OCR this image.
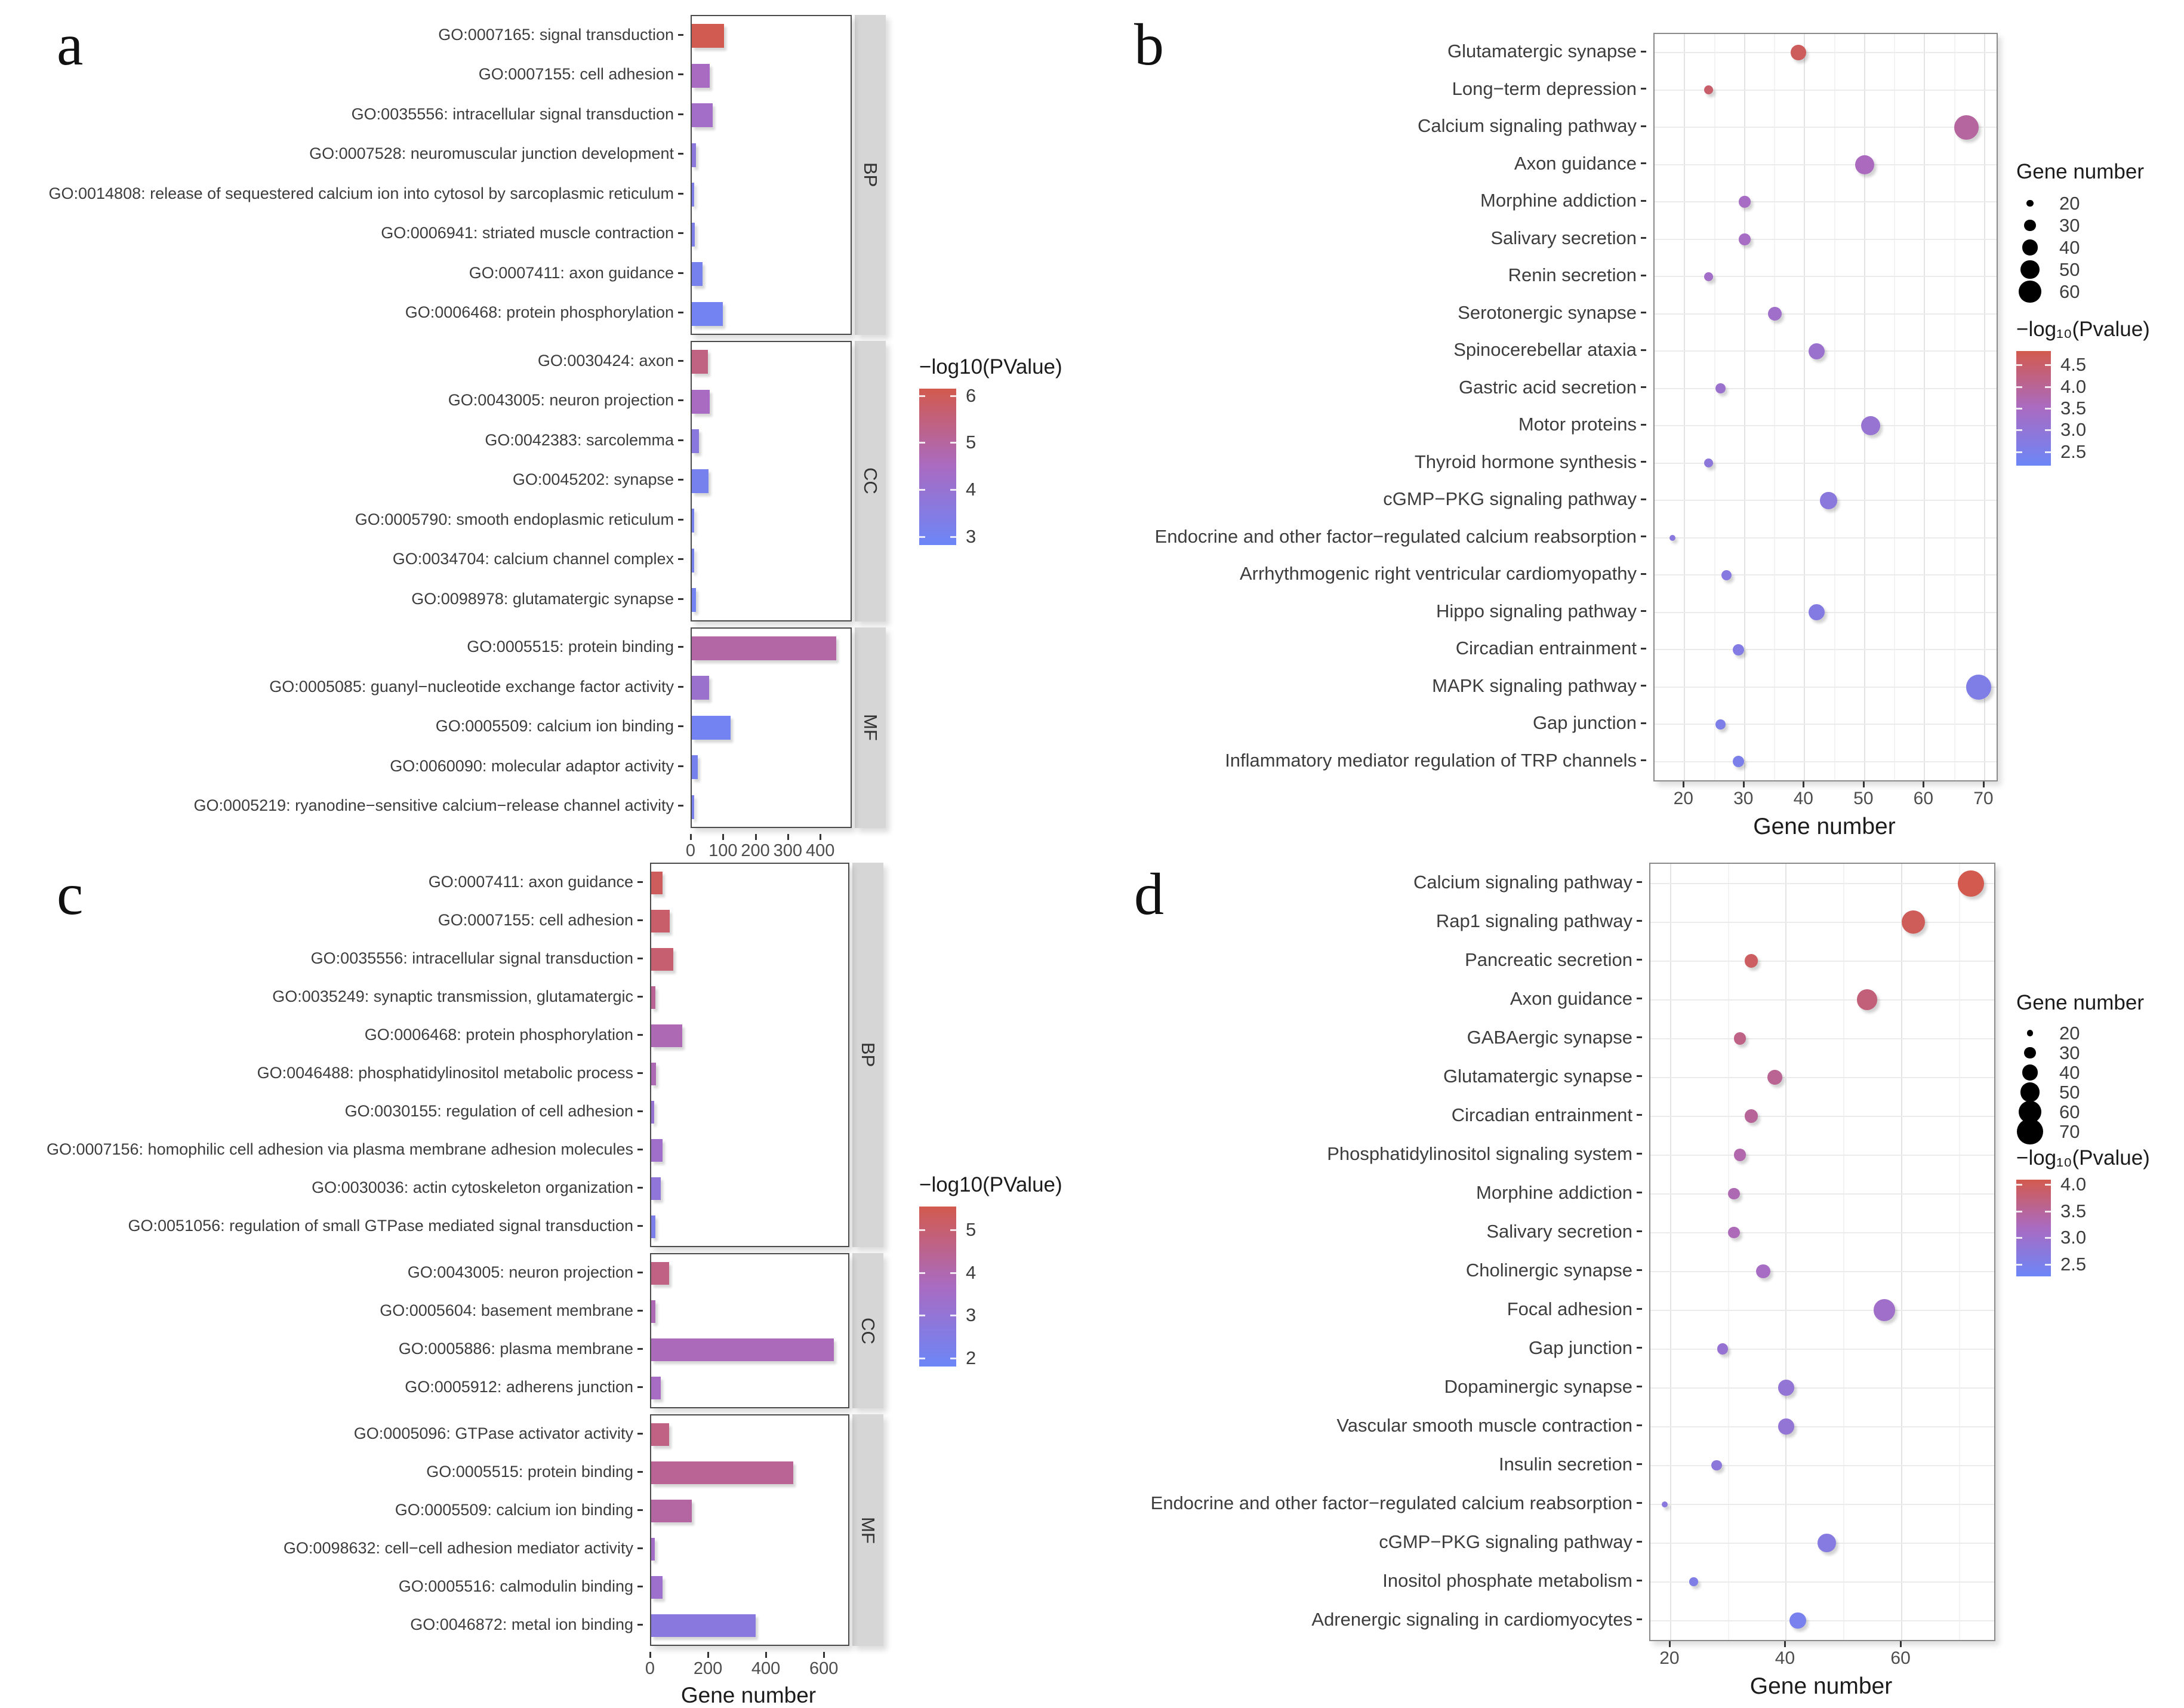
a	b
c	d
GO:0007165: signal transduction
GO:0007155: cell adhesion
GO:0035556: intracellular signal transduction
GO:0007528: neuromuscular junction development
GO:0014808: release of sequestered calcium ion into cytosol by sarcoplasmic reticulum
GO:0006941: striated muscle contraction
GO:0007411: axon guidance
GO:0006468: protein phosphorylation
BP
GO:0030424: axon
GO:0043005: neuron projection
GO:0042383: sarcolemma
GO:0045202: synapse
GO:0005790: smooth endoplasmic reticulum
GO:0034704: calcium channel complex
GO:0098978: glutamatergic synapse
CC
GO:0005515: protein binding
GO:0005085: guanyl−nucleotide exchange factor activity
GO:0005509: calcium ion binding
GO:0060090: molecular adaptor activity
GO:0005219: ryanodine−sensitive calcium−release channel activity
MF
0 100 200 300 400
Glutamatergic synapse
Long−term depression
Calcium signaling pathway
Axon guidance
Morphine addiction
Salivary secretion
Renin secretion
Serotonergic synapse
Spinocerebellar ataxia
Gastric acid secretion
Motor proteins
Thyroid hormone synthesis
cGMP−PKG signaling pathway
Endocrine and other factor−regulated calcium reabsorption
Arrhythmogenic right ventricular cardiomyopathy
Hippo signaling pathway
Circadian entrainment
MAPK signaling pathway
Gap junction
Inflammatory mediator regulation of TRP channels
20 30 40 50 60 70
Gene number
GO:0007411: axon guidance
GO:0007155: cell adhesion
GO:0035556: intracellular signal transduction
GO:0035249: synaptic transmission, glutamatergic
GO:0006468: protein phosphorylation
GO:0046488: phosphatidylinositol metabolic process
GO:0030155: regulation of cell adhesion
GO:0007156: homophilic cell adhesion via plasma membrane adhesion molecules
GO:0030036: actin cytoskeleton organization
GO:0051056: regulation of small GTPase mediated signal transduction
BP
GO:0043005: neuron projection
GO:0005604: basement membrane
GO:0005886: plasma membrane
GO:0005912: adherens junction
CC
GO:0005096: GTPase activator activity
GO:0005515: protein binding
GO:0005509: calcium ion binding
GO:0098632: cell−cell adhesion mediator activity
GO:0005516: calmodulin binding
GO:0046872: metal ion binding
MF
0 200 400 600
Gene number
Calcium signaling pathway
Rap1 signaling pathway
Pancreatic secretion
Axon guidance
GABAergic synapse
Glutamatergic synapse
Circadian entrainment
Phosphatidylinositol signaling system
Morphine addiction
Salivary secretion
Cholinergic synapse
Focal adhesion
Gap junction
Dopaminergic synapse
Vascular smooth muscle contraction
Insulin secretion
Endocrine and other factor−regulated calcium reabsorption
cGMP−PKG signaling pathway
Inositol phosphate metabolism
Adrenergic signaling in cardiomyocytes
20	40	60
Gene number
−log10(PValue)
6
5
4
3
Gene number
20
30
40
50
60
−log₁₀(Pvalue)
4.5
4.0
3.5
3.0
2.5
−log10(PValue)
5
4
3
2
Gene number
20
30
40
50
60
70
−log₁₀(Pvalue)
4.0
3.5
3.0
2.5
